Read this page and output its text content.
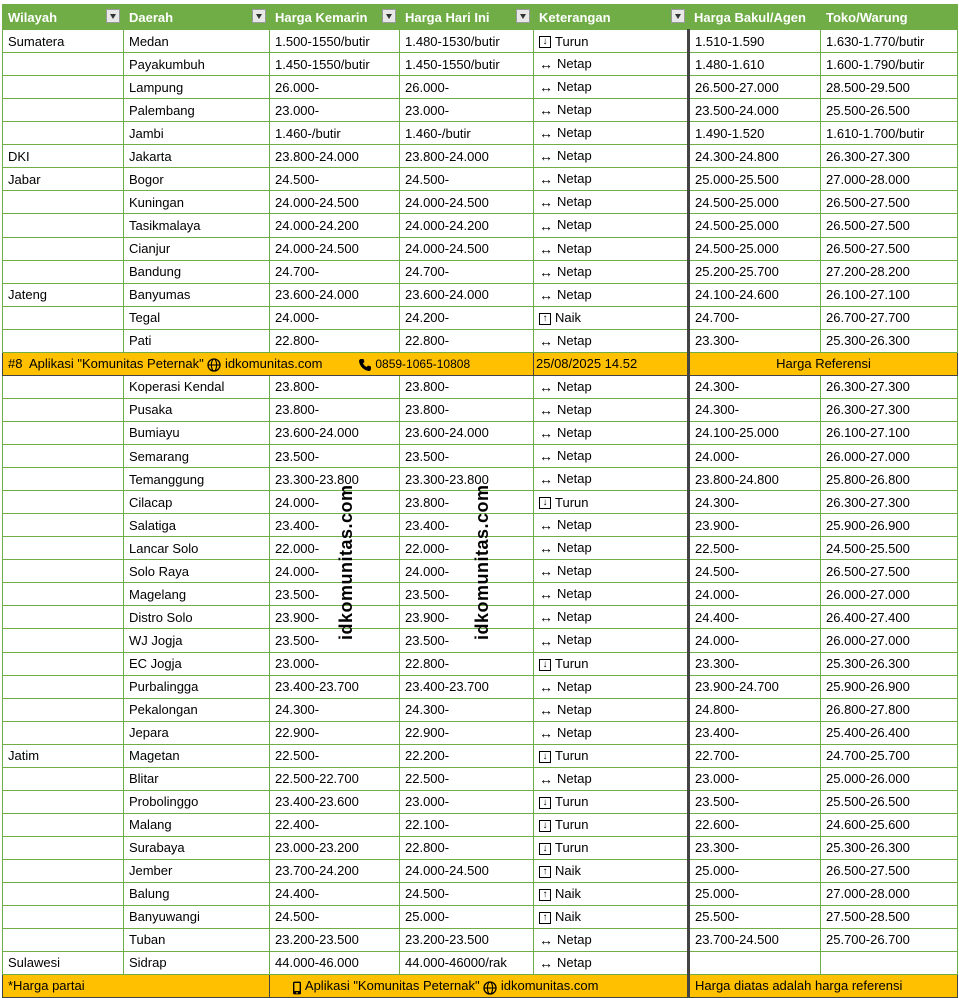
Wilayah	Daerah	Harga Kemarin	Harga Hari Ini	Keterangan	Harga Bakul/Agen	Toko/Warung
Sumatera	Medan	1.500-1550/butir	1.480-1530/butir	↓ Turun	1.510-1.590	1.630-1.770/butir
	Payakumbuh	1.450-1550/butir	1.450-1550/butir	↔ Netap	1.480-1.610	1.600-1.790/butir
	Lampung	26.000-	26.000-	↔ Netap	26.500-27.000	28.500-29.500
	Palembang	23.000-	23.000-	↔ Netap	23.500-24.000	25.500-26.500
	Jambi	1.460-/butir	1.460-/butir	↔ Netap	1.490-1.520	1.610-1.700/butir
DKI	Jakarta	23.800-24.000	23.800-24.000	↔ Netap	24.300-24.800	26.300-27.300
Jabar	Bogor	24.500-	24.500-	↔ Netap	25.000-25.500	27.000-28.000
	Kuningan	24.000-24.500	24.000-24.500	↔ Netap	24.500-25.000	26.500-27.500
	Tasikmalaya	24.000-24.200	24.000-24.200	↔ Netap	24.500-25.000	26.500-27.500
	Cianjur	24.000-24.500	24.000-24.500	↔ Netap	24.500-25.000	26.500-27.500
	Bandung	24.700-	24.700-	↔ Netap	25.200-25.700	27.200-28.200
Jateng	Banyumas	23.600-24.000	23.600-24.000	↔ Netap	24.100-24.600	26.100-27.100
	Tegal	24.000-	24.200-	↑ Naik	24.700-	26.700-27.700
	Pati	22.800-	22.800-	↔ Netap	23.300-	25.300-26.300
#8 Aplikasi "Komunitas Peternak" idkomunitas.com 0859-1065-10808				25/08/2025 14.52	Harga Referensi	
	Koperasi Kendal	23.800-	23.800-	↔ Netap	24.300-	26.300-27.300
	Pusaka	23.800-	23.800-	↔ Netap	24.300-	26.300-27.300
	Bumiayu	23.600-24.000	23.600-24.000	↔ Netap	24.100-25.000	26.100-27.100
	Semarang	23.500-	23.500-	↔ Netap	24.000-	26.000-27.000
	Temanggung	23.300-23.800	23.300-23.800	↔ Netap	23.800-24.800	25.800-26.800
	Cilacap	24.000-	23.800-	↓ Turun	24.300-	26.300-27.300
	Salatiga	23.400-	23.400-	↔ Netap	23.900-	25.900-26.900
	Lancar Solo	22.000-	22.000-	↔ Netap	22.500-	24.500-25.500
	Solo Raya	24.000-	24.000-	↔ Netap	24.500-	26.500-27.500
	Magelang	23.500-	23.500-	↔ Netap	24.000-	26.000-27.000
	Distro Solo	23.900-	23.900-	↔ Netap	24.400-	26.400-27.400
	WJ Jogja	23.500-	23.500-	↔ Netap	24.000-	26.000-27.000
	EC Jogja	23.000-	22.800-	↓ Turun	23.300-	25.300-26.300
	Purbalingga	23.400-23.700	23.400-23.700	↔ Netap	23.900-24.700	25.900-26.900
	Pekalongan	24.300-	24.300-	↔ Netap	24.800-	26.800-27.800
	Jepara	22.900-	22.900-	↔ Netap	23.400-	25.400-26.400
Jatim	Magetan	22.500-	22.200-	↓ Turun	22.700-	24.700-25.700
	Blitar	22.500-22.700	22.500-	↔ Netap	23.000-	25.000-26.000
	Probolinggo	23.400-23.600	23.000-	↓ Turun	23.500-	25.500-26.500
	Malang	22.400-	22.100-	↓ Turun	22.600-	24.600-25.600
	Surabaya	23.000-23.200	22.800-	↓ Turun	23.300-	25.300-26.300
	Jember	23.700-24.200	24.000-24.500	↑ Naik	25.000-	26.500-27.500
	Balung	24.400-	24.500-	↑ Naik	25.000-	27.000-28.000
	Banyuwangi	24.500-	25.000-	↑ Naik	25.500-	27.500-28.500
	Tuban	23.200-23.500	23.200-23.500	↔ Netap	23.700-24.500	25.700-26.700
Sulawesi	Sidrap	44.000-46.000	44.000-46000/rak	↔ Netap		
*Harga partai		Aplikasi "Komunitas Peternak" idkomunitas.com			Harga diatas adalah harga referensi	
idkomunitas.com	idkomunitas.com
